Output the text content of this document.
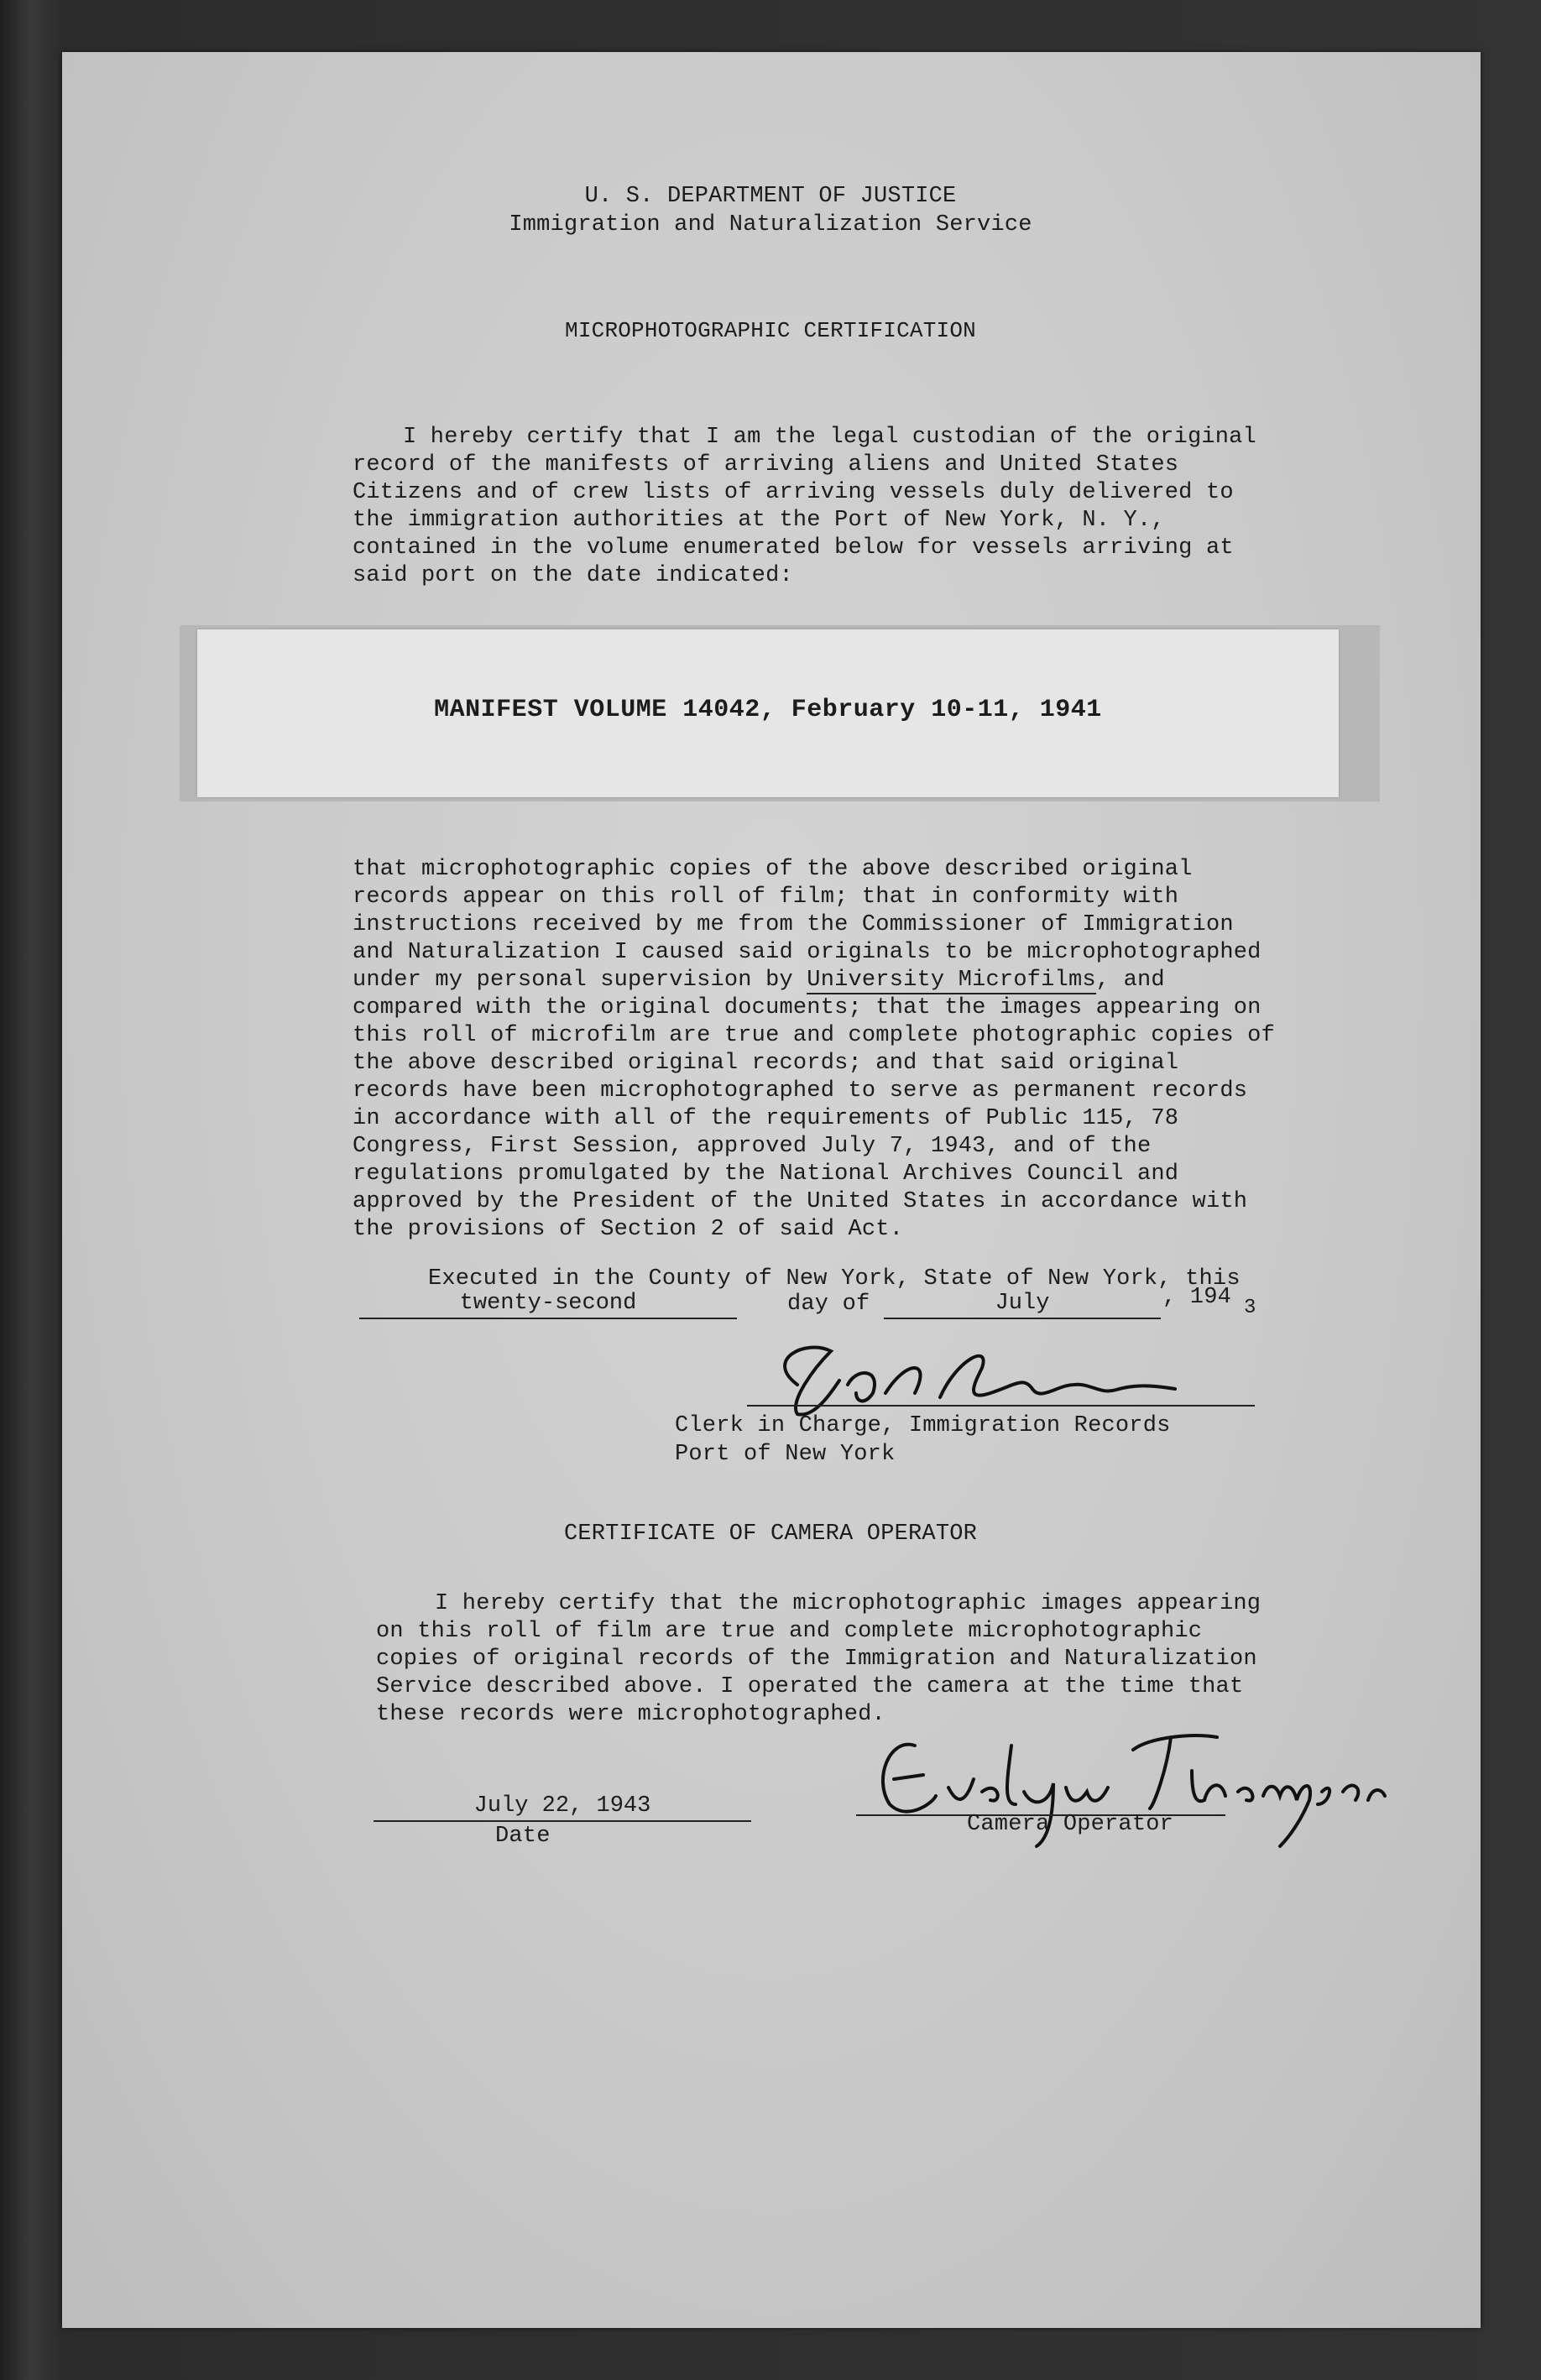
U. S. DEPARTMENT OF JUSTICE
Immigration and Naturalization Service
MICROPHOTOGRAPHIC CERTIFICATION
I hereby certify that I am the legal custodian of the original record of the manifests of arriving aliens and United States Citizens and of crew lists of arriving vessels duly delivered to the immigration authorities at the Port of New York, N. Y., contained in the volume enumerated below for vessels arriving at said port on the date indicated:
MANIFEST VOLUME 14042, February 10-11, 1941
that microphotographic copies of the above described original records appear on this roll of film; that in conformity with instructions received by me from the Commissioner of Immigration and Naturalization I caused said originals to be microphotographed under my personal supervision by University Microfilms, and compared with the original documents; that the images appearing on this roll of microfilm are true and complete photographic copies of the above described original records; and that said original records have been microphotographed to serve as permanent records in accordance with all of the requirements of Public 115, 78 Congress, First Session, approved July 7, 1943, and of the regulations promulgated by the National Archives Council and approved by the President of the United States in accordance with the provisions of Section 2 of said Act.
Executed in the County of New York, State of New York, this
twenty-second	day of	July	, 194 3
Clerk in Charge, Immigration Records
Port of New York
CERTIFICATE OF CAMERA OPERATOR
I hereby certify that the microphotographic images appearing on this roll of film are true and complete microphotographic copies of original records of the Immigration and Naturalization Service described above. I operated the camera at the time that these records were microphotographed.
July 22, 1943
Date	Camera Operator
